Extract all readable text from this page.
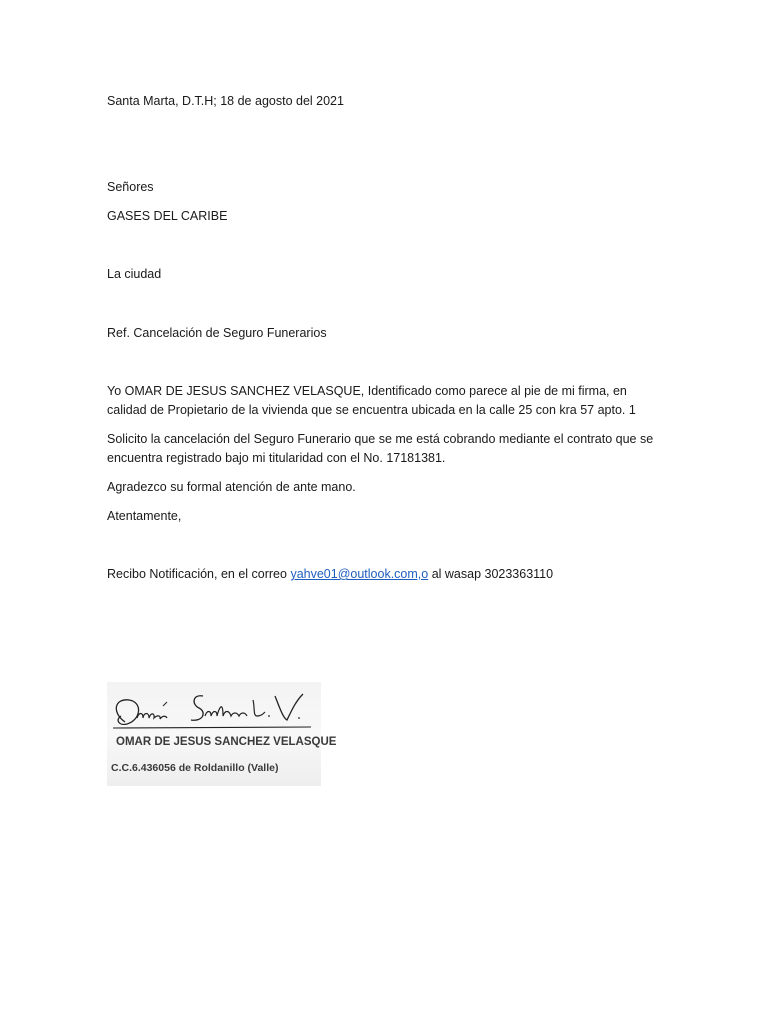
Santa Marta, D.T.H; 18 de agosto del 2021
Señores
GASES DEL CARIBE
La ciudad
Ref. Cancelación de Seguro Funerarios
Yo OMAR DE JESUS SANCHEZ VELASQUE, Identificado como parece al pie de mi firma, en calidad de Propietario de la vivienda que se encuentra ubicada en la calle 25 con kra 57 apto. 1
Solicito la cancelación del Seguro Funerario que se me está cobrando mediante el contrato que se encuentra registrado bajo mi titularidad con el No. 17181381.
Agradezco su formal atención de ante mano.
Atentamente,
Recibo Notificación, en el correo yahve01@outlook.com,o al wasap 3023363110
OMAR DE JESUS SANCHEZ VELASQUE
C.C.6.436056 de Roldanillo (Valle)
